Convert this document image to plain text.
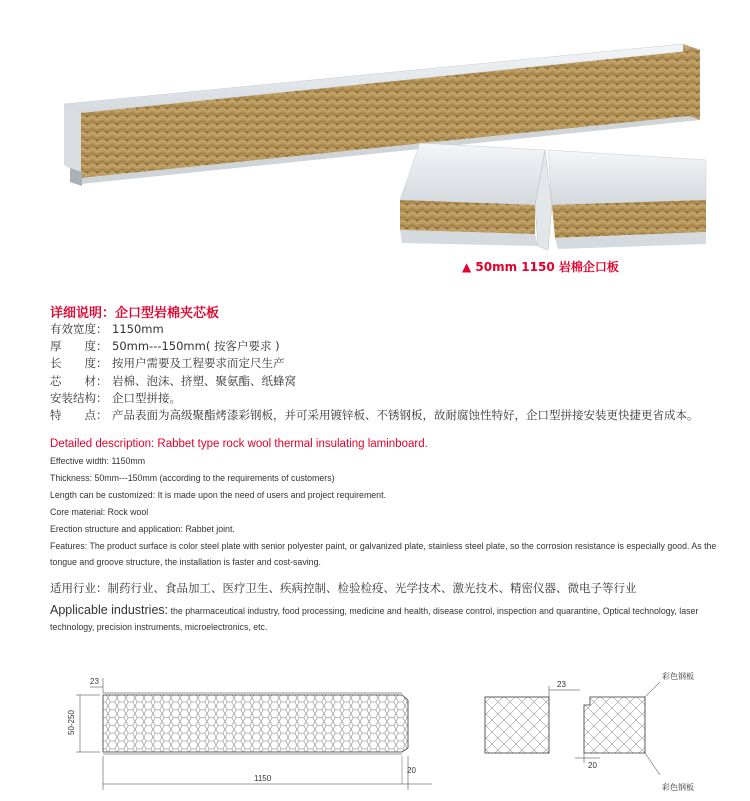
▲ 50mm 1150 岩棉企口板
详细说明：企口型岩棉夹芯板
有效宽度： 1150mm
厚　　度： 50mm---150mm( 按客户要求 )
长　　度： 按用户需要及工程要求而定尺生产
芯　　材： 岩棉、泡沫、挤塑、聚氨酯、纸蜂窝
安装结构： 企口型拼接。
特　　点： 产品表面为高级聚酯烤漆彩钢板，并可采用镀锌板、不锈钢板，故耐腐蚀性特好，企口型拼接安装更快捷更省成本。
Detailed description: Rabbet type rock wool thermal insulating laminboard.
Effective width: 1150mm
Thickness: 50mm---150mm (according to the requirements of customers)
Length can be customized: It is made upon the need of users and project requirement.
Core material: Rock wool
Erection structure and application: Rabbet joint.
Features: The product surface is color steel plate with senior polyester paint, or galvanized plate, stainless steel plate, so the corrosion resistance is especially good. As the tongue and groove structure, the installation is faster and cost-saving.
适用行业：制药行业、食品加工、医疗卫生、疾病控制、检验检疫、光学技术、激光技术、精密仪器、微电子等行业
Applicable industries: the pharmaceutical industry, food processing, medicine and health, disease control, inspection and quarantine, Optical technology, laser technology, precision instruments, microelectronics, etc.
23
50-250
1150
20
23
20
彩色钢板
彩色钢板
